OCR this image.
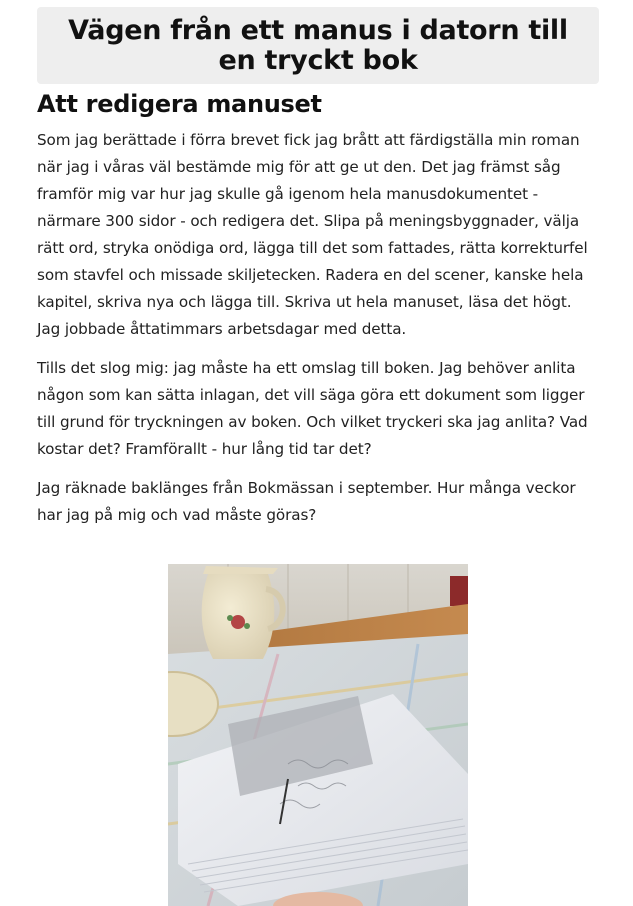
Vägen från ett manus i datorn till en tryckt bok
Att redigera manuset

Som jag berättade i förra brevet fick jag brått att färdigställa min roman när jag i våras väl bestämde mig för att ge ut den. Det jag främst såg framför mig var hur jag skulle gå igenom hela manusdokumentet - närmare 300 sidor - och redigera det. Slipa på meningsbyggnader, välja rätt ord, stryka onödiga ord, lägga till det som fattades, rätta korrekturfel som stavfel och missade skiljetecken. Radera en del scener, kanske hela kapitel, skriva nya och lägga till. Skriva ut hela manuset, läsa det högt. Jag jobbade åttatimmars arbetsdagar med detta.

Tills det slog mig: jag måste ha ett omslag till boken. Jag behöver anlita någon som kan sätta inlagan, det vill säga göra ett dokument som ligger till grund för tryckningen av boken. Och vilket tryckeri ska jag anlita? Vad kostar det? Framförallt - hur lång tid tar det?

Jag räknade baklänges från Bokmässan i september. Hur många veckor har jag på mig och vad måste göras?
